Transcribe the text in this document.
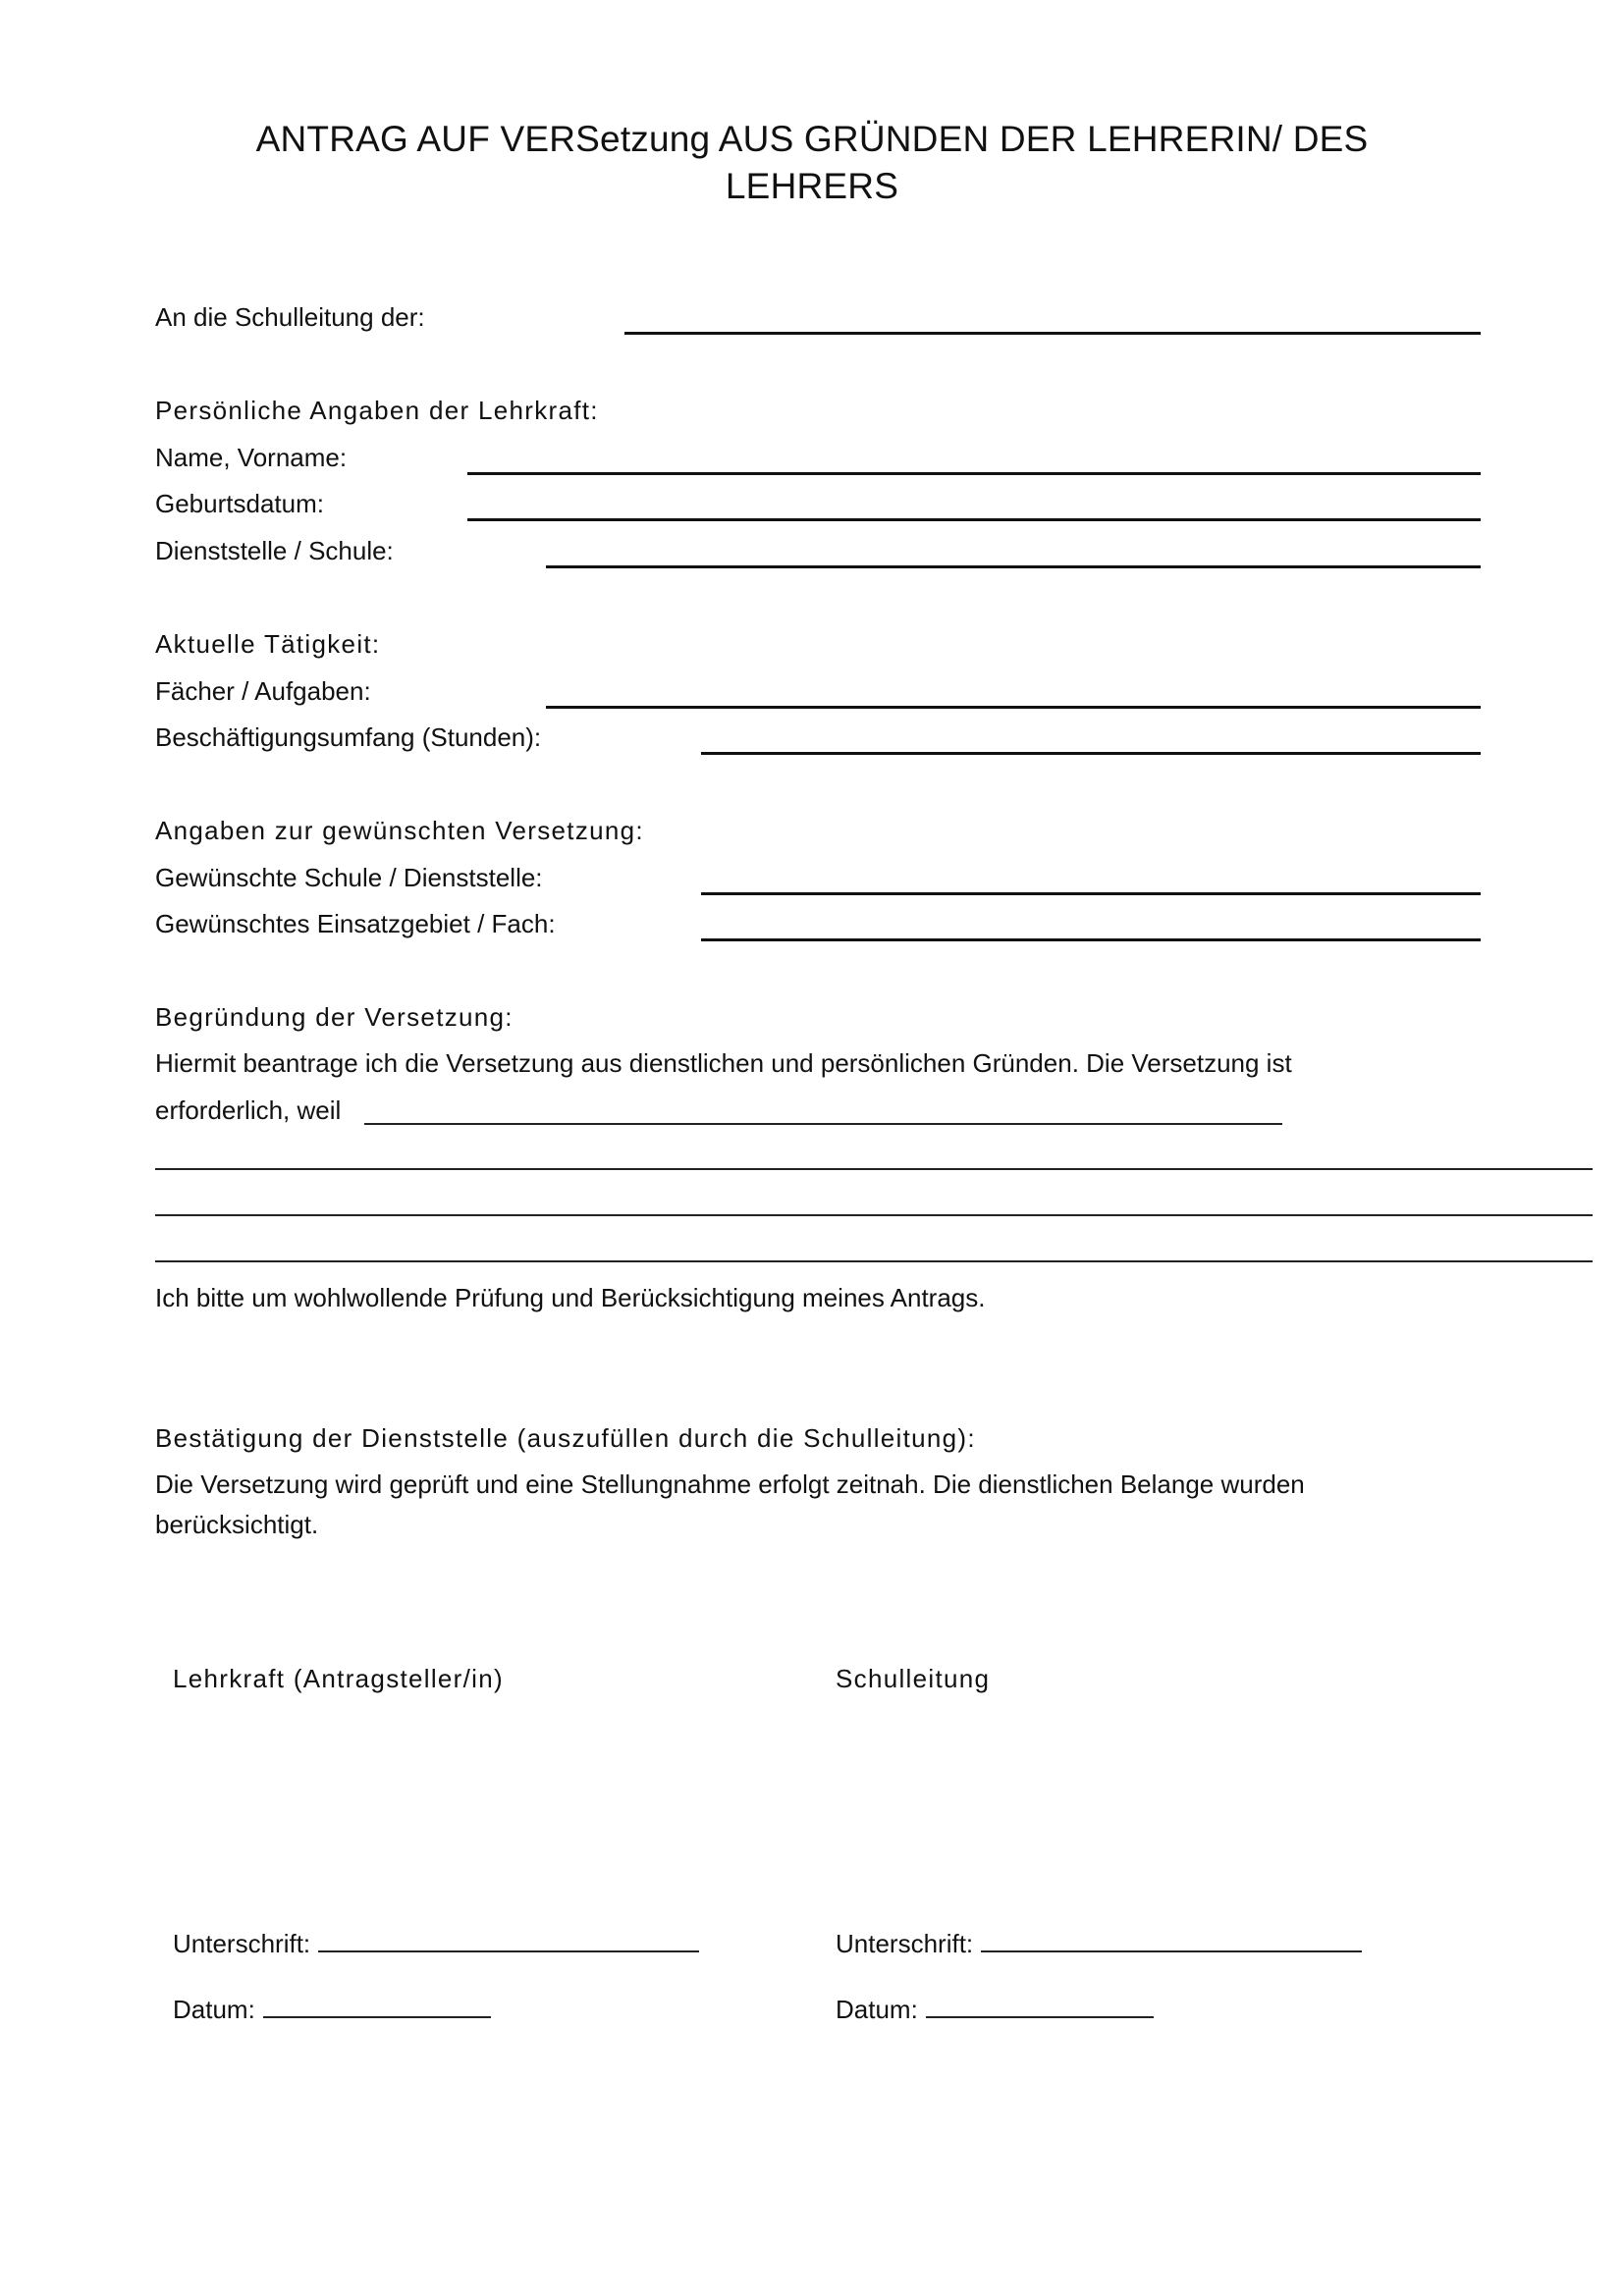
ANTRAG AUF VERSetzung AUS GRÜNDEN DER LEHRERIN/ DES
LEHRERS
An die Schulleitung der:
Persönliche Angaben der Lehrkraft:
Name, Vorname:
Geburtsdatum:
Dienststelle / Schule:
Aktuelle Tätigkeit:
Fächer / Aufgaben:
Beschäftigungsumfang (Stunden):
Angaben zur gewünschten Versetzung:
Gewünschte Schule / Dienststelle:
Gewünschtes Einsatzgebiet / Fach:
Begründung der Versetzung:
Hiermit beantrage ich die Versetzung aus dienstlichen und persönlichen Gründen. Die Versetzung ist
erforderlich, weil
Ich bitte um wohlwollende Prüfung und Berücksichtigung meines Antrags.
Bestätigung der Dienststelle (auszufüllen durch die Schulleitung):
Die Versetzung wird geprüft und eine Stellungnahme erfolgt zeitnah. Die dienstlichen Belange wurden
berücksichtigt.
Lehrkraft (Antragsteller/in)	Schulleitung
Unterschrift:	Unterschrift:
Datum:	Datum:
